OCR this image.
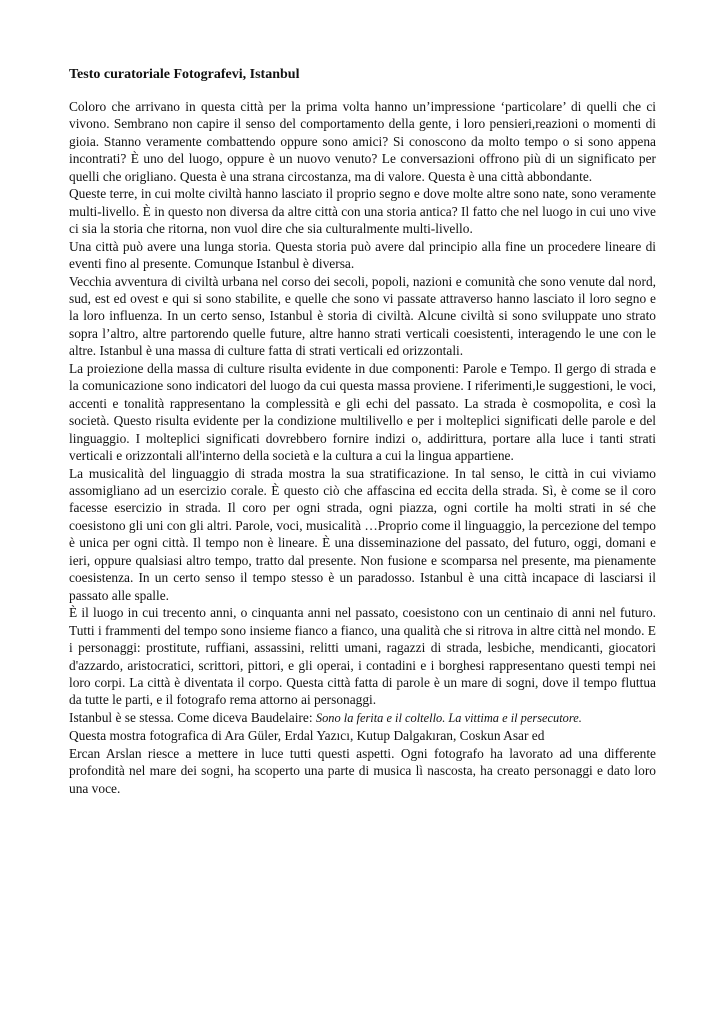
Testo curatoriale Fotografevi, Istanbul

Coloro che arrivano in questa città per la prima volta hanno un’impressione ‘particolare’ di quelli che ci vivono. Sembrano non capire il senso del comportamento della gente, i loro pensieri,reazioni o momenti di gioia. Stanno veramente combattendo oppure sono amici? Si conoscono da molto tempo o si sono appena incontrati? È uno del luogo, oppure è un nuovo venuto? Le conversazioni offrono più di un significato per quelli che origliano. Questa è una strana circostanza, ma di valore. Questa è una città abbondante.

Queste terre, in cui molte civiltà hanno lasciato il proprio segno e dove molte altre sono nate, sono veramente multi-livello. È in questo non diversa da altre città con una storia antica? Il fatto che nel luogo in cui uno vive ci sia la storia che ritorna, non vuol dire che sia culturalmente multi-livello.

Una città può avere una lunga storia. Questa storia può avere dal principio alla fine un procedere lineare di eventi fino al presente. Comunque Istanbul è diversa.

Vecchia avventura di civiltà urbana nel corso dei secoli, popoli, nazioni e comunità che sono venute dal nord, sud, est ed ovest e qui si sono stabilite, e quelle che sono vi passate attraverso hanno lasciato il loro segno e la loro influenza. In un certo senso, Istanbul è storia di civiltà. Alcune civiltà si sono sviluppate uno strato sopra l’altro, altre partorendo quelle future, altre hanno strati verticali coesistenti, interagendo le une con le altre. Istanbul è una massa di culture fatta di strati verticali ed orizzontali.

La proiezione della massa di culture risulta evidente in due componenti: Parole e Tempo. Il gergo di strada e la comunicazione sono indicatori del luogo da cui questa massa proviene. I riferimenti,le suggestioni, le voci, accenti e tonalità rappresentano la complessità e gli echi del passato. La strada è cosmopolita, e così la società. Questo risulta evidente per la condizione multilivello e per i molteplici significati delle parole e del linguaggio. I molteplici significati dovrebbero fornire indizi o, addirittura, portare alla luce i tanti strati verticali e orizzontali all'interno della società e la cultura a cui la lingua appartiene.

La musicalità del linguaggio di strada mostra la sua stratificazione. In tal senso, le città in cui viviamo assomigliano ad un esercizio corale. È questo ciò che affascina ed eccita della strada. Sì, è come se il coro facesse esercizio in strada. Il coro per ogni strada, ogni piazza, ogni cortile ha molti strati in sé che coesistono gli uni con gli altri. Parole, voci, musicalità …Proprio come il linguaggio, la percezione del tempo è unica per ogni città. Il tempo non è lineare. È una disseminazione del passato, del futuro, oggi, domani e ieri, oppure qualsiasi altro tempo, tratto dal presente. Non fusione e scomparsa nel presente, ma pienamente coesistenza. In un certo senso il tempo stesso è un paradosso. Istanbul è una città incapace di lasciarsi il passato alle spalle.

È il luogo in cui trecento anni, o cinquanta anni nel passato, coesistono con un centinaio di anni nel futuro. Tutti i frammenti del tempo sono insieme fianco a fianco, una qualità che si ritrova in altre città nel mondo. E i personaggi: prostitute, ruffiani, assassini, relitti umani, ragazzi di strada, lesbiche, mendicanti, giocatori d'azzardo, aristocratici, scrittori, pittori, e gli operai, i contadini e i borghesi rappresentano questi tempi nei loro corpi. La città è diventata il corpo. Questa città fatta di parole è un mare di sogni, dove il tempo fluttua da tutte le parti, e il fotografo rema attorno ai personaggi.

Istanbul è se stessa. Come diceva Baudelaire: Sono la ferita e il coltello. La vittima e il persecutore.

Questa mostra fotografica di Ara Güler, Erdal Yazıcı, Kutup Dalgakıran, Coskun Asar ed

Ercan Arslan riesce a mettere in luce tutti questi aspetti. Ogni fotografo ha lavorato ad una differente profondità nel mare dei sogni, ha scoperto una parte di musica lì nascosta, ha creato personaggi e dato loro una voce.
